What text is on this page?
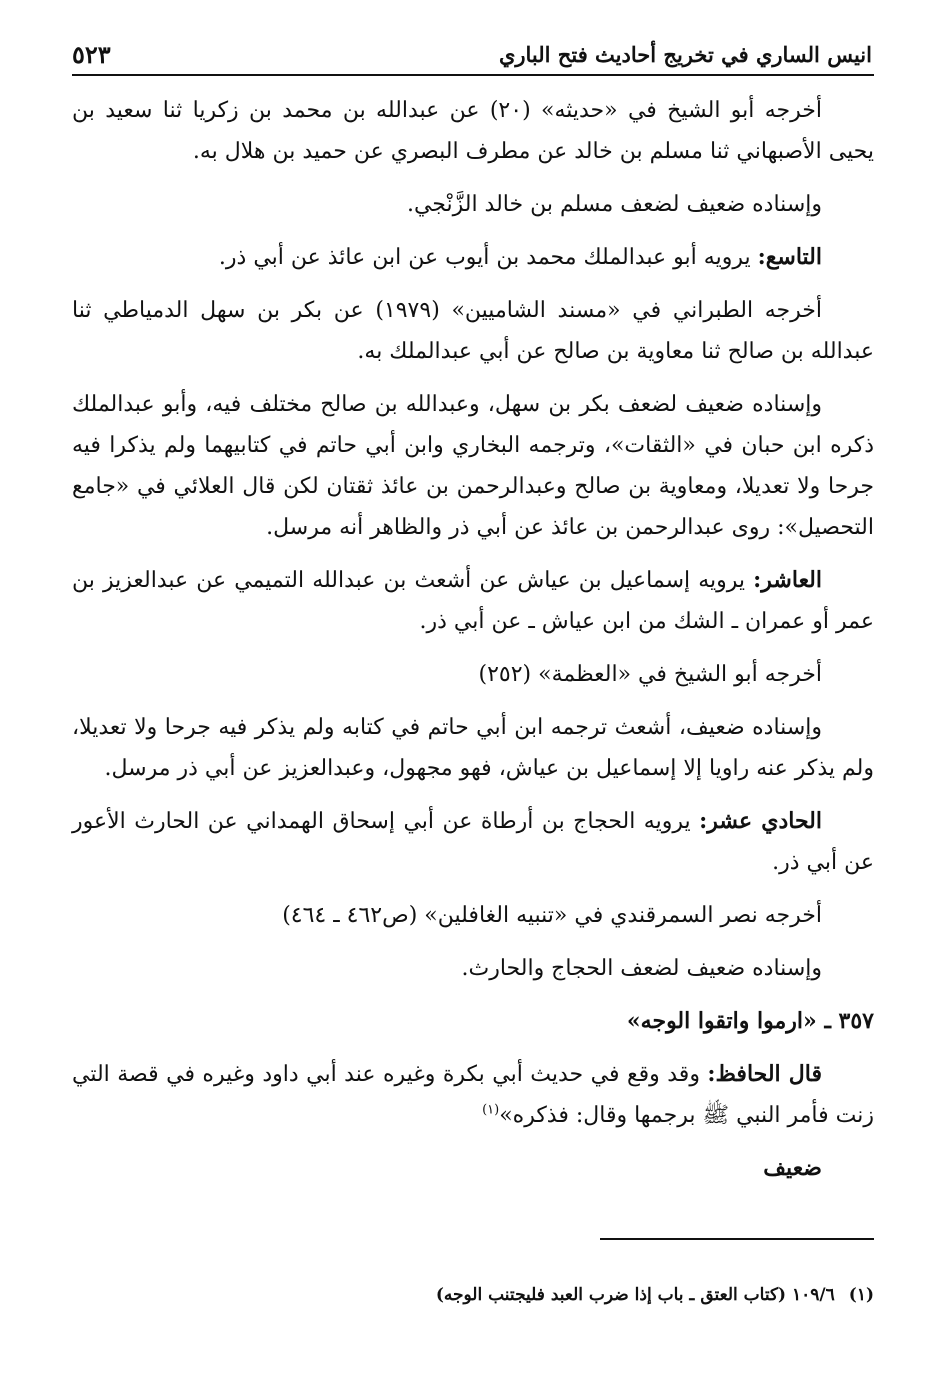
انيس الساري في تخريج أحاديث فتح الباري
٥٢٣

أخرجه أبو الشيخ في «حديثه» (٢٠) عن عبدالله بن محمد بن زكريا ثنا سعيد بن يحيى الأصبهاني ثنا مسلم بن خالد عن مطرف البصري عن حميد بن هلال به.

وإسناده ضعيف لضعف مسلم بن خالد الزَّنْجي.

التاسع: يرويه أبو عبدالملك محمد بن أيوب عن ابن عائذ عن أبي ذر.

أخرجه الطبراني في «مسند الشاميين» (١٩٧٩) عن بكر بن سهل الدمياطي ثنا عبدالله بن صالح ثنا معاوية بن صالح عن أبي عبدالملك به.

وإسناده ضعيف لضعف بكر بن سهل، وعبدالله بن صالح مختلف فيه، وأبو عبدالملك ذكره ابن حبان في «الثقات»، وترجمه البخاري وابن أبي حاتم في كتابيهما ولم يذكرا فيه جرحا ولا تعديلا، ومعاوية بن صالح وعبدالرحمن بن عائذ ثقتان لكن قال العلائي في «جامع التحصيل»: روى عبدالرحمن بن عائذ عن أبي ذر والظاهر أنه مرسل.

العاشر: يرويه إسماعيل بن عياش عن أشعث بن عبدالله التميمي عن عبدالعزيز بن عمر أو عمران ـ الشك من ابن عياش ـ عن أبي ذر.

أخرجه أبو الشيخ في «العظمة» (٢٥٢)

وإسناده ضعيف، أشعث ترجمه ابن أبي حاتم في كتابه ولم يذكر فيه جرحا ولا تعديلا، ولم يذكر عنه راويا إلا إسماعيل بن عياش، فهو مجهول، وعبدالعزيز عن أبي ذر مرسل.

الحادي عشر: يرويه الحجاج بن أرطاة عن أبي إسحاق الهمداني عن الحارث الأعور عن أبي ذر.

أخرجه نصر السمرقندي في «تنبيه الغافلين» (ص٤٦٢ ـ ٤٦٤)

وإسناده ضعيف لضعف الحجاج والحارث.

٣٥٧ ـ «ارموا واتقوا الوجه»

قال الحافظ: وقد وقع في حديث أبي بكرة وغيره عند أبي داود وغيره في قصة التي زنت فأمر النبي ﷺ برجمها وقال: فذكره»$^{(١)}$

ضعيف

(١)١٠٩/٦ (كتاب العتق ـ باب إذا ضرب العبد فليجتنب الوجه)
